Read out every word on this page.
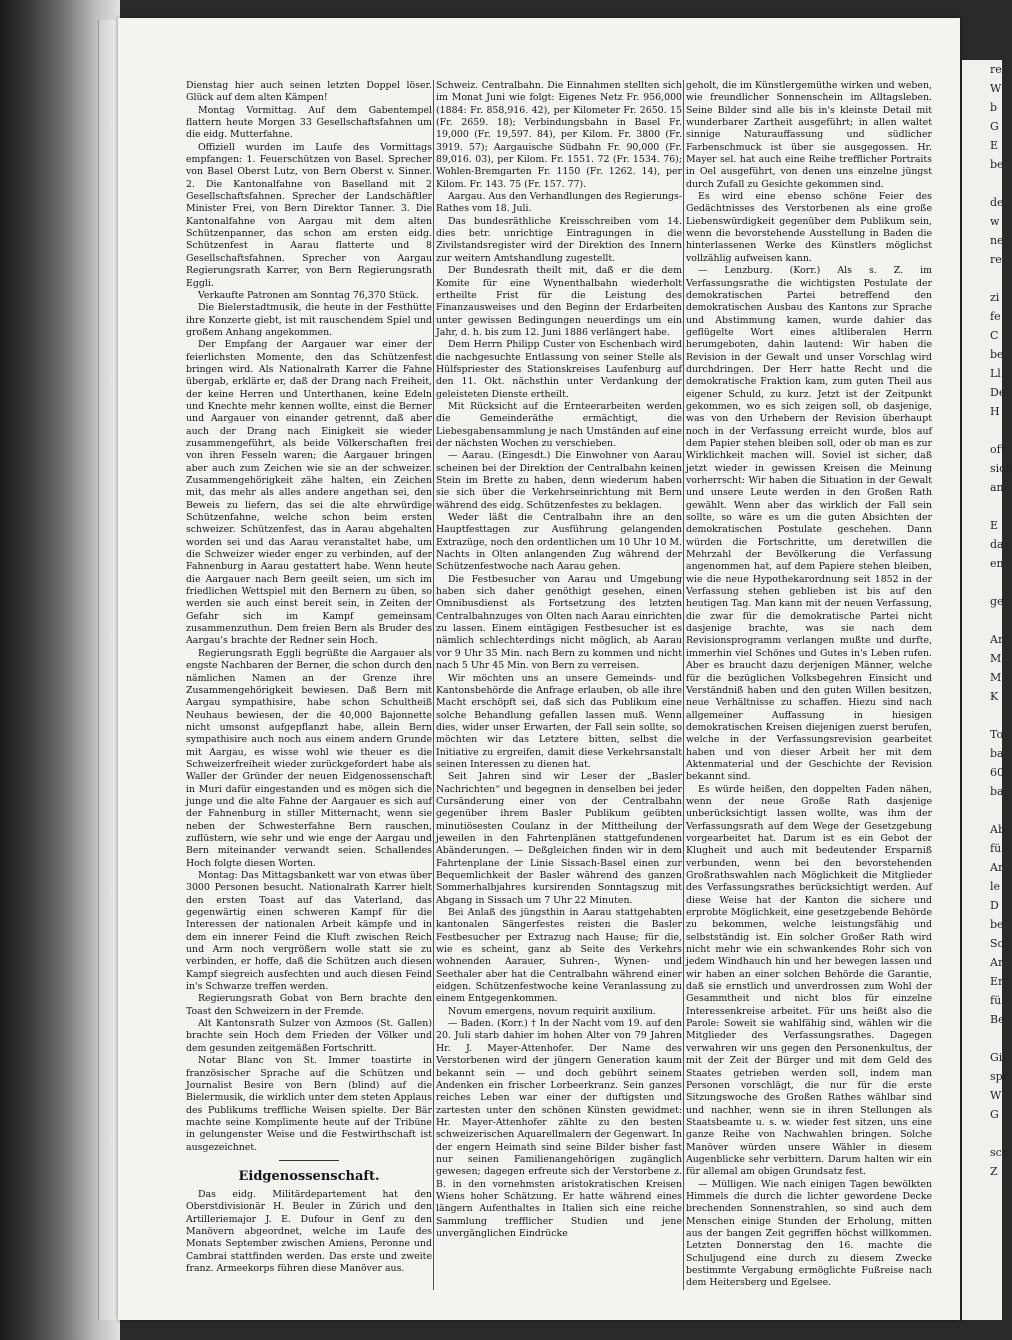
Dienstag hier auch seinen letzten Doppel löser. Glück auf dem alten Kämpen!

Montag Vormittag. Auf dem Gabentempel flattern heute Morgen 33 Gesellschaftsfahnen um die eidg. Mutterfahne.

Offiziell wurden im Laufe des Vormittags empfangen: 1. Feuerschützen von Basel. Sprecher von Basel Oberst Lutz, von Bern Oberst v. Sinner. 2. Die Kantonalfahne von Baselland mit 2 Gesellschaftsfahnen. Sprecher der Landschäftler Minister Frei, von Bern Direktor Tanner. 3. Die Kantonalfahne von Aargau mit dem alten Schützenpanner, das schon am ersten eidg. Schützenfest in Aarau flatterte und 8 Gesellschaftsfahnen. Sprecher von Aargau Regierungsrath Karrer, von Bern Regierungsrath Eggli.

Verkaufte Patronen am Sonntag 76,370 Stück.

Die Bielerstadtmusik, die heute in der Festhütte ihre Konzerte giebt, ist mit rauschendem Spiel und großem Anhang angekommen.

Der Empfang der Aargauer war einer der feierlichsten Momente, den das Schützenfest bringen wird. Als Nationalrath Karrer die Fahne übergab, erklärte er, daß der Drang nach Freiheit, der keine Herren und Unterthanen, keine Edeln und Knechte mehr kennen wollte, einst die Berner und Aargauer von einander getrennt, daß aber auch der Drang nach Einigkeit sie wieder zusammengeführt, als beide Völkerschaften frei von ihren Fesseln waren; die Aargauer bringen aber auch zum Zeichen wie sie an der schweizer. Zusammengehörigkeit zähe halten, ein Zeichen mit, das mehr als alles andere angethan sei, den Beweis zu liefern, das sei die alte ehrwürdige Schützenfahne, welche schon beim ersten schweizer. Schützenfest, das in Aarau abgehalten worden sei und das Aarau veranstaltet habe, um die Schweizer wieder enger zu verbinden, auf der Fahnenburg in Aarau gestattert habe. Wenn heute die Aargauer nach Bern geeilt seien, um sich im friedlichen Wettspiel mit den Bernern zu üben, so werden sie auch einst bereit sein, in Zeiten der Gefahr sich im Kampf gemeinsam zusammenzuthun. Dem freien Bern als Bruder des Aargau's brachte der Redner sein Hoch.

Regierungsrath Eggli begrüßte die Aargauer als engste Nachbaren der Berner, die schon durch den nämlichen Namen an der Grenze ihre Zusammengehörigkeit bewiesen. Daß Bern mit Aargau sympathisire, habe schon Schultheiß Neuhaus bewiesen, der die 40,000 Bajonnette nicht umsonst aufgepflanzt habe, allein Bern sympathisire auch noch aus einem andern Grunde mit Aargau, es wisse wohl wie theuer es die Schweizerfreiheit wieder zurückgefordert habe als Waller der Gründer der neuen Eidgenossenschaft in Muri dafür eingestanden und es mögen sich die junge und die alte Fahne der Aargauer es sich auf der Fahnenburg in stiller Mitternacht, wenn sie neben der Schwesterfahne Bern rauschen, zuflüstern, wie sehr und wie enge der Aargau und Bern miteinander verwandt seien. Schallendes Hoch folgte diesen Worten.

Montag: Das Mittagsbankett war von etwas über 3000 Personen besucht. Nationalrath Karrer hielt den ersten Toast auf das Vaterland, das gegenwärtig einen schweren Kampf für die Interessen der nationalen Arbeit kämpfe und in dem ein innerer Feind die Kluft zwischen Reich und Arm noch vergrößern wolle statt sie zu verbinden, er hoffe, daß die Schützen auch diesen Kampf siegreich ausfechten und auch diesen Feind in's Schwarze treffen werden.

Regierungsrath Gobat von Bern brachte den Toast den Schweizern in der Fremde.

Alt Kantonsrath Sulzer von Azmoos (St. Gallen) brachte sein Hoch dem Frieden der Völker und dem gesunden zeitgemäßen Fortschritt.

Notar Blanc von St. Immer toastirte in französischer Sprache auf die Schützen und Journalist Besire von Bern (blind) auf die Bielermusik, die wirklich unter dem steten Applaus des Publikums treffliche Weisen spielte. Der Bär machte seine Komplimente heute auf der Tribüne in gelungenster Weise und die Festwirthschaft ist ausgezeichnet.

Eidgenossenschaft.

Das eidg. Militärdepartement hat den Oberstdivisionär H. Beuler in Zürich und den Artilleriemajor J. E. Dufour in Genf zu den Manövern abgeordnet, welche im Laufe des Monats September zwischen Amiens, Peronne und Cambrai stattfinden werden. Das erste und zweite franz. Armeekorps führen diese Manöver aus.

Schweiz. Centralbahn. Die Einnahmen stellten sich im Monat Juni wie folgt: Eigenes Netz Fr. 956,000 (1884: Fr. 858,916. 42), per Kilometer Fr. 2650. 15 (Fr. 2659. 18); Verbindungsbahn in Basel Fr. 19,000 (Fr. 19,597. 84), per Kilom. Fr. 3800 (Fr. 3919. 57); Aargauische Südbahn Fr. 90,000 (Fr. 89,016. 03), per Kilom. Fr. 1551. 72 (Fr. 1534. 76); Wohlen-Bremgarten Fr. 1150 (Fr. 1262. 14), per Kilom. Fr. 143. 75 (Fr. 157. 77).

Aargau. Aus den Verhandlungen des Regierungs-Rathes vom 18. Juli.

Das bundesräthliche Kreisschreiben vom 14. dies betr. unrichtige Eintragungen in die Zivilstandsregister wird der Direktion des Innern zur weitern Amtshandlung zugestellt.

Der Bundesrath theilt mit, daß er die dem Komite für eine Wynenthalbahn wiederholt ertheilte Frist für die Leistung des Finanzausweises und den Beginn der Erdarbeiten unter gewissen Bedingungen neuerdings um ein Jahr, d. h. bis zum 12. Juni 1886 verlängert habe.

Dem Herrn Philipp Custer von Eschenbach wird die nachgesuchte Entlassung von seiner Stelle als Hülfspriester des Stationskreises Laufenburg auf den 11. Okt. nächsthin unter Verdankung der geleisteten Dienste ertheilt.

Mit Rücksicht auf die Ernteerarbeiten werden die Gemeinderäthe ermächtigt, die Liebesgabensammlung je nach Umständen auf eine der nächsten Wochen zu verschieben.

— Aarau. (Eingesdt.) Die Einwohner von Aarau scheinen bei der Direktion der Centralbahn keinen Stein im Brette zu haben, denn wiederum haben sie sich über die Verkehrseinrichtung mit Bern während des eidg. Schützenfestes zu beklagen.

Weder läßt die Centralbahn ihre an den Hauptfesttagen zur Ausführung gelangenden Extrazüge, noch den ordentlichen um 10 Uhr 10 M. Nachts in Olten anlangenden Zug während der Schützenfestwoche nach Aarau gehen.

Die Festbesucher von Aarau und Umgebung haben sich daher genöthigt gesehen, einen Omnibusdienst als Fortsetzung des letzten Centralbahnzuges von Olten nach Aarau einrichten zu lassen. Einem eintägigen Festbesucher ist es nämlich schlechterdings nicht möglich, ab Aarau vor 9 Uhr 35 Min. nach Bern zu kommen und nicht nach 5 Uhr 45 Min. von Bern zu verreisen.

Wir möchten uns an unsere Gemeinds- und Kantonsbehörde die Anfrage erlauben, ob alle ihre Macht erschöpft sei, daß sich das Publikum eine solche Behandlung gefallen lassen muß. Wenn dies, wider unser Erwarten, der Fall sein sollte, so möchten wir das Letztere bitten, selbst die Initiative zu ergreifen, damit diese Verkehrsanstalt seinen Interessen zu dienen hat.

Seit Jahren sind wir Leser der „Basler Nachrichten“ und begegnen in denselben bei jeder Cursänderung einer von der Centralbahn gegenüber ihrem Basler Publikum geübten minutiösesten Coulanz in der Mittheilung der jeweilen in den Fahrtenplänen stattgefundenen Abänderungen. — Deßgleichen finden wir in dem Fahrtenplane der Linie Sissach-Basel einen zur Bequemlichkeit der Basler während des ganzen Sommerhalbjahres kursirenden Sonntagszug mit Abgang in Sissach um 7 Uhr 22 Minuten.

Bei Anlaß des jüngsthin in Aarau stattgehabten kantonalen Sängerfestes reisten die Basler Festbesucher per Extrazug nach Hause; für die, wie es scheint, ganz ab Seite des Verkehrs wohnenden Aarauer, Suhren-, Wynen- und Seethaler aber hat die Centralbahn während einer eidgen. Schützenfestwoche keine Veranlassung zu einem Entgegenkommen.

Novum emergens, novum requirit auxilium.

— Baden. (Korr.) † In der Nacht vom 19. auf den 20. Juli starb dahier im hohen Alter von 79 Jahren Hr. J. Mayer-Attenhofer. Der Name des Verstorbenen wird der jüngern Generation kaum bekannt sein — und doch gebührt seinem Andenken ein frischer Lorbeerkranz. Sein ganzes reiches Leben war einer der duftigsten und zartesten unter den schönen Künsten gewidmet: Hr. Mayer-Attenhofer zählte zu den besten schweizerischen Aquarellmalern der Gegenwart. In der engern Heimath sind seine Bilder bisher fast nur seinen Familienangehörigen zugänglich gewesen; dagegen erfreute sich der Verstorbene z. B. in den vornehmsten aristokratischen Kreisen Wiens hoher Schätzung. Er hatte während eines längern Aufenthaltes in Italien sich eine reiche Sammlung trefflicher Studien und jene unvergänglichen Eindrücke

geholt, die im Künstlergemüthe wirken und weben, wie freundlicher Sonnenschein im Alltagsleben. Seine Bilder sind alle bis in's kleinste Detail mit wunderbarer Zartheit ausgeführt; in allen waltet sinnige Naturauffassung und südlicher Farbenschmuck ist über sie ausgegossen. Hr. Mayer sel. hat auch eine Reihe trefflicher Portraits in Oel ausgeführt, von denen uns einzelne jüngst durch Zufall zu Gesichte gekommen sind.

Es wird eine ebenso schöne Feier des Gedächtnisses des Verstorbenen als eine große Liebenswürdigkeit gegenüber dem Publikum sein, wenn die bevorstehende Ausstellung in Baden die hinterlassenen Werke des Künstlers möglichst vollzählig aufweisen kann.

— Lenzburg. (Korr.) Als s. Z. im Verfassungsrathe die wichtigsten Postulate der demokratischen Partei betreffend den demokratischen Ausbau des Kantons zur Sprache und Abstimmung kamen, wurde dahier das geflügelte Wort eines altliberalen Herrn herumgeboten, dahin lautend: Wir haben die Revision in der Gewalt und unser Vorschlag wird durchdringen. Der Herr hatte Recht und die demokratische Fraktion kam, zum guten Theil aus eigener Schuld, zu kurz. Jetzt ist der Zeitpunkt gekommen, wo es sich zeigen soll, ob dasjenige, was von den Urhebern der Revision überhaupt noch in der Verfassung erreicht wurde, blos auf dem Papier stehen bleiben soll, oder ob man es zur Wirklichkeit machen will. Soviel ist sicher, daß jetzt wieder in gewissen Kreisen die Meinung vorherrscht: Wir haben die Situation in der Gewalt und unsere Leute werden in den Großen Rath gewählt. Wenn aber das wirklich der Fall sein sollte, so wäre es um die guten Absichten der demokratischen Postulate geschehen. Dann würden die Fortschritte, um deretwillen die Mehrzahl der Bevölkerung die Verfassung angenommen hat, auf dem Papiere stehen bleiben, wie die neue Hypothekarordnung seit 1852 in der Verfassung stehen geblieben ist bis auf den heutigen Tag. Man kann mit der neuen Verfassung, die zwar für die demokratische Partei nicht dasjenige brachte, was sie nach dem Revisionsprogramm verlangen mußte und durfte, immerhin viel Schönes und Gutes in's Leben rufen. Aber es braucht dazu derjenigen Männer, welche für die bezüglichen Volksbegehren Einsicht und Verständniß haben und den guten Willen besitzen, neue Verhältnisse zu schaffen. Hiezu sind nach allgemeiner Auffassung in hiesigen demokratischen Kreisen diejenigen zuerst berufen, welche in der Verfassungsrevision gearbeitet haben und von dieser Arbeit her mit dem Aktenmaterial und der Geschichte der Revision bekannt sind.

Es würde heißen, den doppelten Faden nähen, wenn der neue Große Rath dasjenige unberücksichtigt lassen wollte, was ihm der Verfassungsrath auf dem Wege der Gesetzgebung vorgearbeitet hat. Darum ist es ein Gebot der Klugheit und auch mit bedeutender Ersparniß verbunden, wenn bei den bevorstehenden Großrathswahlen nach Möglichkeit die Mitglieder des Verfassungsrathes berücksichtigt werden. Auf diese Weise hat der Kanton die sichere und erprobte Möglichkeit, eine gesetzgebende Behörde zu bekommen, welche leistungsfähig und selbstständig ist. Ein solcher Großer Rath wird nicht mehr wie ein schwankendes Rohr sich von jedem Windhauch hin und her bewegen lassen und wir haben an einer solchen Behörde die Garantie, daß sie ernstlich und unverdrossen zum Wohl der Gesammtheit und nicht blos für einzelne Interessenkreise arbeitet. Für uns heißt also die Parole: Soweit sie wahlfähig sind, wählen wir die Mitglieder des Verfassungsrathes. Dagegen verwahren wir uns gegen den Personenkultus, der mit der Zeit der Bürger und mit dem Geld des Staates getrieben werden soll, indem man Personen vorschlägt, die nur für die erste Sitzungswoche des Großen Rathes wählbar sind und nachher, wenn sie in ihren Stellungen als Staatsbeamte u. s. w. wieder fest sitzen, uns eine ganze Reihe von Nachwahlen bringen. Solche Manöver würden unsere Wähler in diesem Augenblicke sehr verbittern. Darum halten wir ein für allemal am obigen Grundsatz fest.

— Mülligen. Wie nach einigen Tagen bewölkten Himmels die durch die lichter gewordene Decke brechenden Sonnenstrahlen, so sind auch dem Menschen einige Stunden der Erholung, mitten aus der bangen Zeit gegriffen höchst willkommen. Letzten Donnerstag den 16. machte die Schuljugend eine durch zu diesem Zwecke bestimmte Vergabung ermöglichte Fußreise nach dem Heitersberg und Egelsee.

re
W
b
G
E
be

de
w
ne
re

zi
fe
C
be
Ll
De
H

oft
sich
an

E
da
en

ge

Ar
M
M
K

To
ba
60
ba

Ab
fü
Ar
le
D
be
So
Ar
Er
fü
Be

Gi
spr
W
G

sch
Z
